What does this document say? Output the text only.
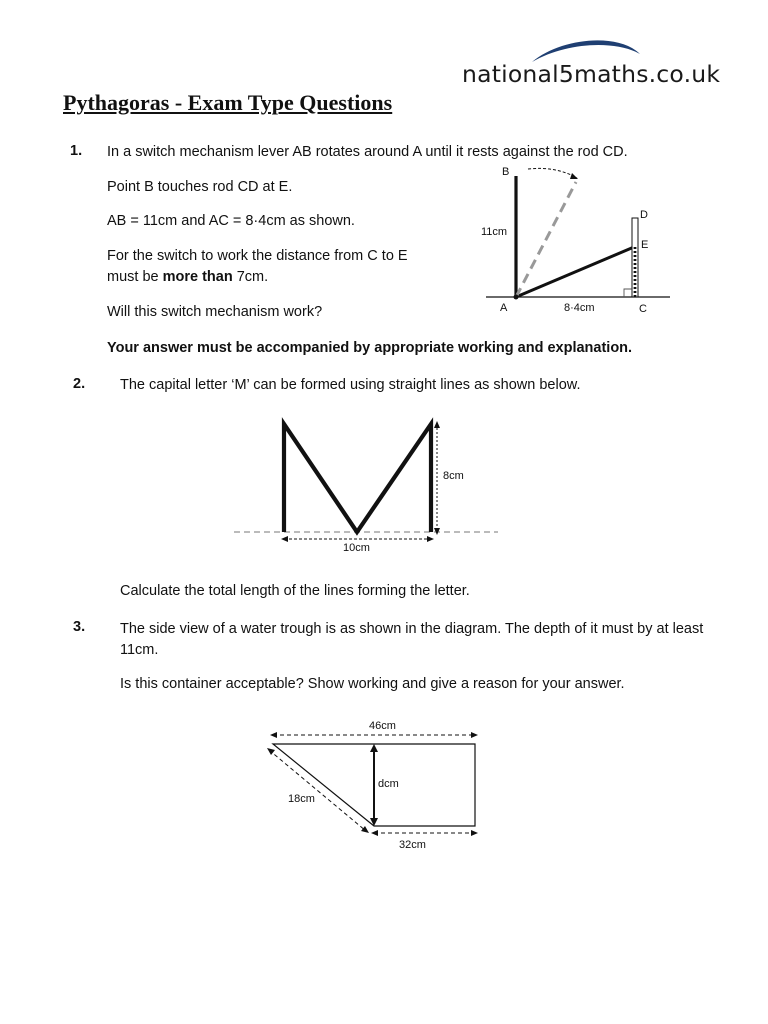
national5maths.co.uk
Pythagoras - Exam Type Questions
1. In a switch mechanism lever AB rotates around A until it rests against the rod CD.
Point B touches rod CD at E.
AB = 11cm and AC = 8·4cm as shown.
For the switch to work the distance from C to E
must be more than 7cm.
Will this switch mechanism work?
Your answer must be accompanied by appropriate working and explanation.
B
D
E
11cm
A	8·4cm	C
2. The capital letter ‘M’ can be formed using straight lines as shown below.
8cm
10cm
Calculate the total length of the lines forming the letter.
3. The side view of a water trough is as shown in the diagram. The depth of it must by at least 11cm.
Is this container acceptable? Show working and give a reason for your answer.
46cm
18cm
dcm
32cm
